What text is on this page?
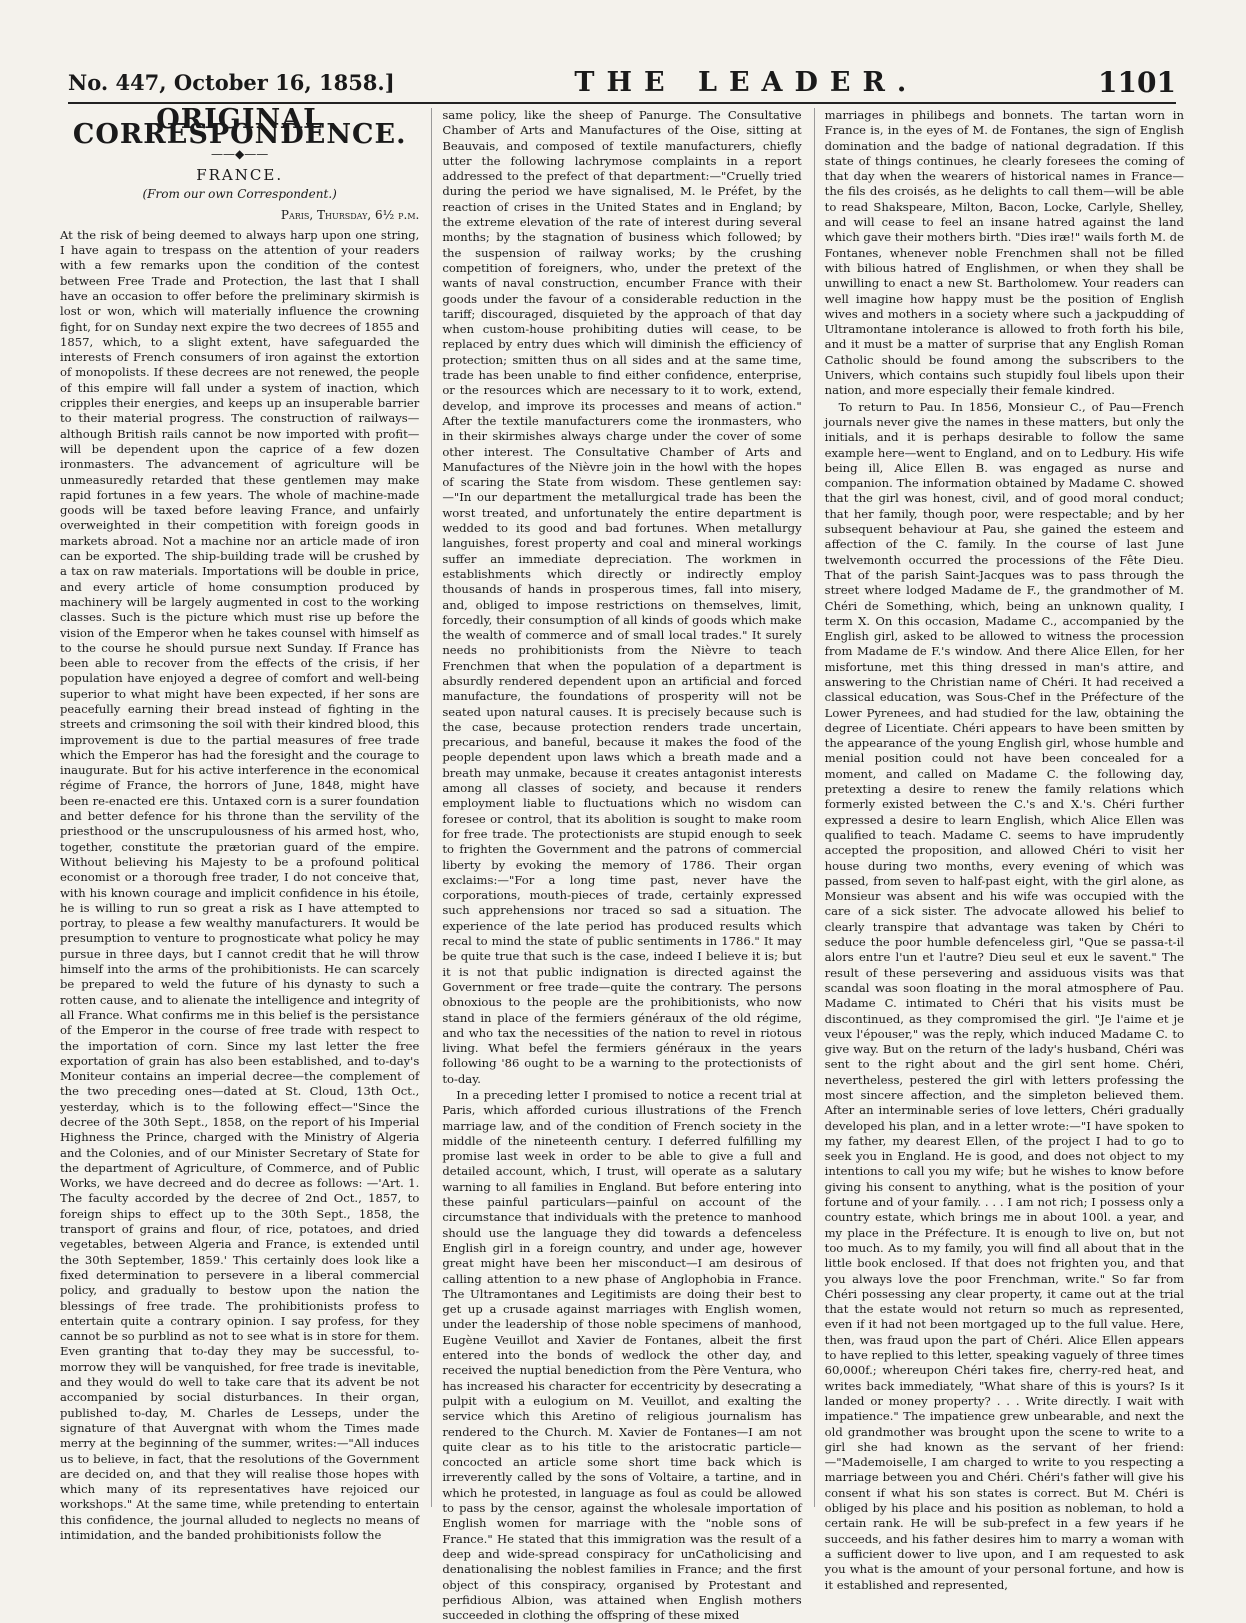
No. 447, October 16, 1858.]	THE LEADER.	1101
ORIGINAL CORRESPONDENCE.
——◆——
FRANCE.
(From our own Correspondent.)
Paris, Thursday, 6½ p.m.

At the risk of being deemed to always harp upon one string, I have again to trespass on the attention of your readers with a few remarks upon the condition of the contest between Free Trade and Protection, the last that I shall have an occasion to offer before the preliminary skirmish is lost or won, which will materially influence the crowning fight, for on Sunday next expire the two decrees of 1855 and 1857, which, to a slight extent, have safeguarded the interests of French consumers of iron against the extortion of monopolists. If these decrees are not renewed, the people of this empire will fall under a system of inaction, which cripples their energies, and keeps up an insuperable barrier to their material progress. The construction of railways—although British rails cannot be now imported with profit—will be dependent upon the caprice of a few dozen ironmasters. The advancement of agriculture will be unmeasuredly retarded that these gentlemen may make rapid fortunes in a few years. The whole of machine-made goods will be taxed before leaving France, and unfairly overweighted in their competition with foreign goods in markets abroad. Not a machine nor an article made of iron can be exported. The ship-building trade will be crushed by a tax on raw materials. Importations will be double in price, and every article of home consumption produced by machinery will be largely augmented in cost to the working classes. Such is the picture which must rise up before the vision of the Emperor when he takes counsel with himself as to the course he should pursue next Sunday. If France has been able to recover from the effects of the crisis, if her population have enjoyed a degree of comfort and well-being superior to what might have been expected, if her sons are peacefully earning their bread instead of fighting in the streets and crimsoning the soil with their kindred blood, this improvement is due to the partial measures of free trade which the Emperor has had the foresight and the courage to inaugurate. But for his active interference in the economical régime of France, the horrors of June, 1848, might have been re-enacted ere this. Untaxed corn is a surer foundation and better defence for his throne than the servility of the priesthood or the unscrupulousness of his armed host, who, together, constitute the prætorian guard of the empire. Without believing his Majesty to be a profound political economist or a thorough free trader, I do not conceive that, with his known courage and implicit confidence in his étoile, he is willing to run so great a risk as I have attempted to portray, to please a few wealthy manufacturers. It would be presumption to venture to prognosticate what policy he may pursue in three days, but I cannot credit that he will throw himself into the arms of the prohibitionists. He can scarcely be prepared to weld the future of his dynasty to such a rotten cause, and to alienate the intelligence and integrity of all France. What confirms me in this belief is the persistance of the Emperor in the course of free trade with respect to the importation of corn. Since my last letter the free exportation of grain has also been established, and to-day's Moniteur contains an imperial decree—the complement of the two preceding ones—dated at St. Cloud, 13th Oct., yesterday, which is to the following effect—"Since the decree of the 30th Sept., 1858, on the report of his Imperial Highness the Prince, charged with the Ministry of Algeria and the Colonies, and of our Minister Secretary of State for the department of Agriculture, of Commerce, and of Public Works, we have decreed and do decree as follows: —'Art. 1. The faculty accorded by the decree of 2nd Oct., 1857, to foreign ships to effect up to the 30th Sept., 1858, the transport of grains and flour, of rice, potatoes, and dried vegetables, between Algeria and France, is extended until the 30th September, 1859.' This certainly does look like a fixed determination to persevere in a liberal commercial policy, and gradually to bestow upon the nation the blessings of free trade. The prohibitionists profess to entertain quite a contrary opinion. I say profess, for they cannot be so purblind as not to see what is in store for them. Even granting that to-day they may be successful, to-morrow they will be vanquished, for free trade is inevitable, and they would do well to take care that its advent be not accompanied by social disturbances. In their organ, published to-day, M. Charles de Lesseps, under the signature of that Auvergnat with whom the Times made merry at the beginning of the summer, writes:—"All induces us to believe, in fact, that the resolutions of the Government are decided on, and that they will realise those hopes with which many of its representatives have rejoiced our workshops." At the same time, while pretending to entertain this confidence, the journal alluded to neglects no means of intimidation, and the banded prohibitionists follow the

same policy, like the sheep of Panurge. The Consultative Chamber of Arts and Manufactures of the Oise, sitting at Beauvais, and composed of textile manufacturers, chiefly utter the following lachrymose complaints in a report addressed to the prefect of that department:—"Cruelly tried during the period we have signalised, M. le Préfet, by the reaction of crises in the United States and in England; by the extreme elevation of the rate of interest during several months; by the stagnation of business which followed; by the suspension of railway works; by the crushing competition of foreigners, who, under the pretext of the wants of naval construction, encumber France with their goods under the favour of a considerable reduction in the tariff; discouraged, disquieted by the approach of that day when custom-house prohibiting duties will cease, to be replaced by entry dues which will diminish the efficiency of protection; smitten thus on all sides and at the same time, trade has been unable to find either confidence, enterprise, or the resources which are necessary to it to work, extend, develop, and improve its processes and means of action." After the textile manufacturers come the ironmasters, who in their skirmishes always charge under the cover of some other interest. The Consultative Chamber of Arts and Manufactures of the Nièvre join in the howl with the hopes of scaring the State from wisdom. These gentlemen say:—"In our department the metallurgical trade has been the worst treated, and unfortunately the entire department is wedded to its good and bad fortunes. When metallurgy languishes, forest property and coal and mineral workings suffer an immediate depreciation. The workmen in establishments which directly or indirectly employ thousands of hands in prosperous times, fall into misery, and, obliged to impose restrictions on themselves, limit, forcedly, their consumption of all kinds of goods which make the wealth of commerce and of small local trades." It surely needs no prohibitionists from the Nièvre to teach Frenchmen that when the population of a department is absurdly rendered dependent upon an artificial and forced manufacture, the foundations of prosperity will not be seated upon natural causes. It is precisely because such is the case, because protection renders trade uncertain, precarious, and baneful, because it makes the food of the people dependent upon laws which a breath made and a breath may unmake, because it creates antagonist interests among all classes of society, and because it renders employment liable to fluctuations which no wisdom can foresee or control, that its abolition is sought to make room for free trade. The protectionists are stupid enough to seek to frighten the Government and the patrons of commercial liberty by evoking the memory of 1786. Their organ exclaims:—"For a long time past, never have the corporations, mouth-pieces of trade, certainly expressed such apprehensions nor traced so sad a situation. The experience of the late period has produced results which recal to mind the state of public sentiments in 1786." It may be quite true that such is the case, indeed I believe it is; but it is not that public indignation is directed against the Government or free trade—quite the contrary. The persons obnoxious to the people are the prohibitionists, who now stand in place of the fermiers généraux of the old régime, and who tax the necessities of the nation to revel in riotous living. What befel the fermiers généraux in the years following '86 ought to be a warning to the protectionists of to-day.

In a preceding letter I promised to notice a recent trial at Paris, which afforded curious illustrations of the French marriage law, and of the condition of French society in the middle of the nineteenth century. I deferred fulfilling my promise last week in order to be able to give a full and detailed account, which, I trust, will operate as a salutary warning to all families in England. But before entering into these painful particulars—painful on account of the circumstance that individuals with the pretence to manhood should use the language they did towards a defenceless English girl in a foreign country, and under age, however great might have been her misconduct—I am desirous of calling attention to a new phase of Anglophobia in France. The Ultramontanes and Legitimists are doing their best to get up a crusade against marriages with English women, under the leadership of those noble specimens of manhood, Eugène Veuillot and Xavier de Fontanes, albeit the first entered into the bonds of wedlock the other day, and received the nuptial benediction from the Père Ventura, who has increased his character for eccentricity by desecrating a pulpit with a eulogium on M. Veuillot, and exalting the service which this Aretino of religious journalism has rendered to the Church. M. Xavier de Fontanes—I am not quite clear as to his title to the aristocratic particle—concocted an article some short time back which is irreverently called by the sons of Voltaire, a tartine, and in which he protested, in language as foul as could be allowed to pass by the censor, against the wholesale importation of English women for marriage with the "noble sons of France." He stated that this immigration was the result of a deep and wide-spread conspiracy for unCatholicising and denationalising the noblest families in France; and the first object of this conspiracy, organised by Protestant and perfidious Albion, was attained when English mothers succeeded in clothing the offspring of these mixed

marriages in philibegs and bonnets. The tartan worn in France is, in the eyes of M. de Fontanes, the sign of English domination and the badge of national degradation. If this state of things continues, he clearly foresees the coming of that day when the wearers of historical names in France—the fils des croisés, as he delights to call them—will be able to read Shakspeare, Milton, Bacon, Locke, Carlyle, Shelley, and will cease to feel an insane hatred against the land which gave their mothers birth. "Dies iræ!" wails forth M. de Fontanes, whenever noble Frenchmen shall not be filled with bilious hatred of Englishmen, or when they shall be unwilling to enact a new St. Bartholomew. Your readers can well imagine how happy must be the position of English wives and mothers in a society where such a jackpudding of Ultramontane intolerance is allowed to froth forth his bile, and it must be a matter of surprise that any English Roman Catholic should be found among the subscribers to the Univers, which contains such stupidly foul libels upon their nation, and more especially their female kindred.

To return to Pau. In 1856, Monsieur C., of Pau—French journals never give the names in these matters, but only the initials, and it is perhaps desirable to follow the same example here—went to England, and on to Ledbury. His wife being ill, Alice Ellen B. was engaged as nurse and companion. The information obtained by Madame C. showed that the girl was honest, civil, and of good moral conduct; that her family, though poor, were respectable; and by her subsequent behaviour at Pau, she gained the esteem and affection of the C. family. In the course of last June twelvemonth occurred the processions of the Fête Dieu. That of the parish Saint-Jacques was to pass through the street where lodged Madame de F., the grandmother of M. Chéri de Something, which, being an unknown quality, I term X. On this occasion, Madame C., accompanied by the English girl, asked to be allowed to witness the procession from Madame de F.'s window. And there Alice Ellen, for her misfortune, met this thing dressed in man's attire, and answering to the Christian name of Chéri. It had received a classical education, was Sous-Chef in the Préfecture of the Lower Pyrenees, and had studied for the law, obtaining the degree of Licentiate. Chéri appears to have been smitten by the appearance of the young English girl, whose humble and menial position could not have been concealed for a moment, and called on Madame C. the following day, pretexting a desire to renew the family relations which formerly existed between the C.'s and X.'s. Chéri further expressed a desire to learn English, which Alice Ellen was qualified to teach. Madame C. seems to have imprudently accepted the proposition, and allowed Chéri to visit her house during two months, every evening of which was passed, from seven to half-past eight, with the girl alone, as Monsieur was absent and his wife was occupied with the care of a sick sister. The advocate allowed his belief to clearly transpire that advantage was taken by Chéri to seduce the poor humble defenceless girl, "Que se passa-t-il alors entre l'un et l'autre? Dieu seul et eux le savent." The result of these persevering and assiduous visits was that scandal was soon floating in the moral atmosphere of Pau. Madame C. intimated to Chéri that his visits must be discontinued, as they compromised the girl. "Je l'aime et je veux l'épouser," was the reply, which induced Madame C. to give way. But on the return of the lady's husband, Chéri was sent to the right about and the girl sent home. Chéri, nevertheless, pestered the girl with letters professing the most sincere affection, and the simpleton believed them. After an interminable series of love letters, Chéri gradually developed his plan, and in a letter wrote:—"I have spoken to my father, my dearest Ellen, of the project I had to go to seek you in England. He is good, and does not object to my intentions to call you my wife; but he wishes to know before giving his consent to anything, what is the position of your fortune and of your family. . . . I am not rich; I possess only a country estate, which brings me in about 100l. a year, and my place in the Préfecture. It is enough to live on, but not too much. As to my family, you will find all about that in the little book enclosed. If that does not frighten you, and that you always love the poor Frenchman, write." So far from Chéri possessing any clear property, it came out at the trial that the estate would not return so much as represented, even if it had not been mortgaged up to the full value. Here, then, was fraud upon the part of Chéri. Alice Ellen appears to have replied to this letter, speaking vaguely of three times 60,000f.; whereupon Chéri takes fire, cherry-red heat, and writes back immediately, "What share of this is yours? Is it landed or money property? . . . Write directly. I wait with impatience." The impatience grew unbearable, and next the old grandmother was brought upon the scene to write to a girl she had known as the servant of her friend:—"Mademoiselle, I am charged to write to you respecting a marriage between you and Chéri. Chéri's father will give his consent if what his son states is correct. But M. Chéri is obliged by his place and his position as nobleman, to hold a certain rank. He will be sub-prefect in a few years if he succeeds, and his father desires him to marry a woman with a sufficient dower to live upon, and I am requested to ask you what is the amount of your personal fortune, and how is it established and represented,
